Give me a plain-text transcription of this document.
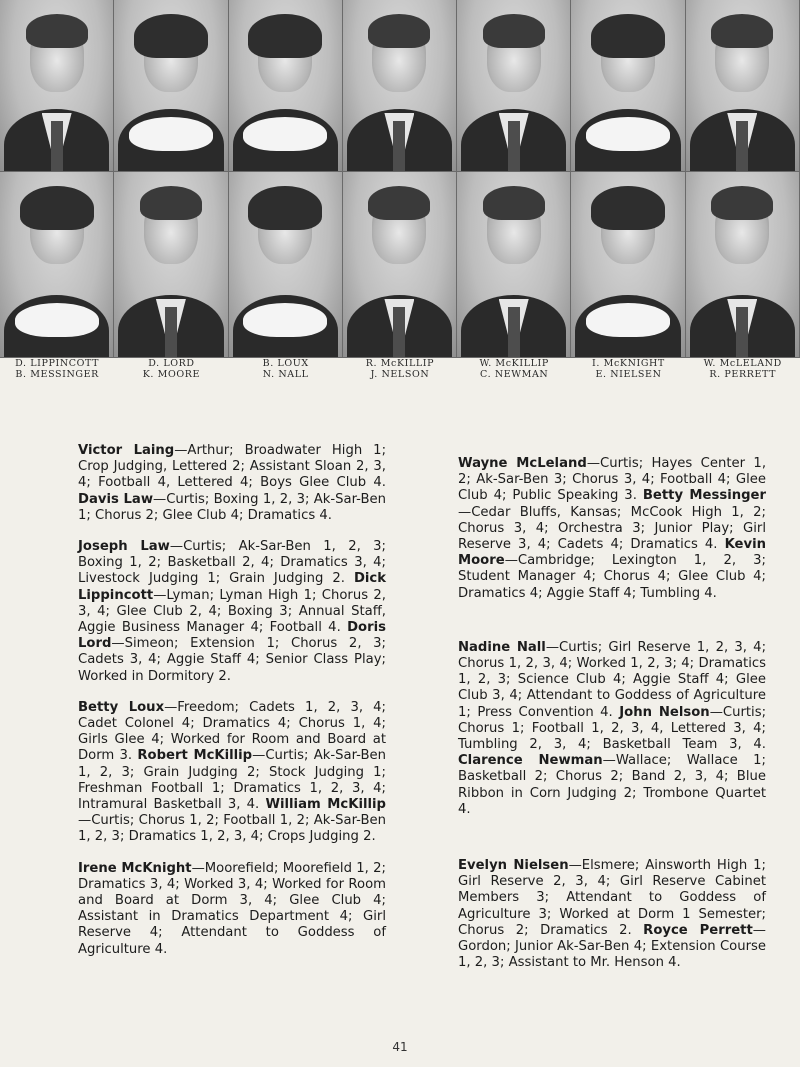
D. LIPPINCOTT
B. MESSINGER
D. LORD
K. MOORE
B. LOUX
N. NALL
R. McKILLIP
J. NELSON
W. McKILLIP
C. NEWMAN
I. McKNIGHT
E. NIELSEN
W. McLELAND
R. PERRETT

Victor Laing—Arthur; Broadwater High 1; Crop Judging, Lettered 2; Assistant Sloan 2, 3, 4; Football 4, Lettered 4; Boys Glee Club 4. Davis Law—Curtis; Boxing 1, 2, 3; Ak-Sar-Ben 1; Chorus 2; Glee Club 4; Dramatics 4.

Joseph Law—Curtis; Ak-Sar-Ben 1, 2, 3; Boxing 1, 2; Basketball 2, 4; Dramatics 3, 4; Livestock Judging 1; Grain Judging 2. Dick Lippincott—Lyman; Lyman High 1; Chorus 2, 3, 4; Glee Club 2, 4; Boxing 3; Annual Staff, Aggie Business Manager 4; Football 4. Doris Lord—Simeon; Extension 1; Chorus 2, 3; Cadets 3, 4; Aggie Staff 4; Senior Class Play; Worked in Dormitory 2.

Betty Loux—Freedom; Cadets 1, 2, 3, 4; Cadet Colonel 4; Dramatics 4; Chorus 1, 4; Girls Glee 4; Worked for Room and Board at Dorm 3. Robert McKillip—Curtis; Ak-Sar-Ben 1, 2, 3; Grain Judging 2; Stock Judging 1; Freshman Football 1; Dramatics 1, 2, 3, 4; Intramural Basketball 3, 4. William McKillip—Curtis; Chorus 1, 2; Football 1, 2; Ak-Sar-Ben 1, 2, 3; Dramatics 1, 2, 3, 4; Crops Judging 2.

Irene McKnight—Moorefield; Moorefield 1, 2; Dramatics 3, 4; Worked 3, 4; Worked for Room and Board at Dorm 3, 4; Glee Club 4; Assistant in Dramatics Department 4; Girl Reserve 4; Attendant to Goddess of Agriculture 4.

Wayne McLeland—Curtis; Hayes Center 1, 2; Ak-Sar-Ben 3; Chorus 3, 4; Football 4; Glee Club 4; Public Speaking 3. Betty Messinger—Cedar Bluffs, Kansas; McCook High 1, 2; Chorus 3, 4; Orchestra 3; Junior Play; Girl Reserve 3, 4; Cadets 4; Dramatics 4. Kevin Moore—Cambridge; Lexington 1, 2, 3; Student Manager 4; Chorus 4; Glee Club 4; Dramatics 4; Aggie Staff 4; Tumbling 4.

Nadine Nall—Curtis; Girl Reserve 1, 2, 3, 4; Chorus 1, 2, 3, 4; Worked 1, 2, 3; 4; Dramatics 1, 2, 3; Science Club 4; Aggie Staff 4; Glee Club 3, 4; Attendant to Goddess of Agriculture 1; Press Convention 4. John Nelson—Curtis; Chorus 1; Football 1, 2, 3, 4, Lettered 3, 4; Tumbling 2, 3, 4; Basketball Team 3, 4. Clarence Newman—Wallace; Wallace 1; Basketball 2; Chorus 2; Band 2, 3, 4; Blue Ribbon in Corn Judging 2; Trombone Quartet 4.

Evelyn Nielsen—Elsmere; Ainsworth High 1; Girl Reserve 2, 3, 4; Girl Reserve Cabinet Members 3; Attendant to Goddess of Agriculture 3; Worked at Dorm 1 Semester; Chorus 2; Dramatics 2. Royce Perrett—Gordon; Junior Ak-Sar-Ben 4; Extension Course 1, 2, 3; Assistant to Mr. Henson 4.

41
